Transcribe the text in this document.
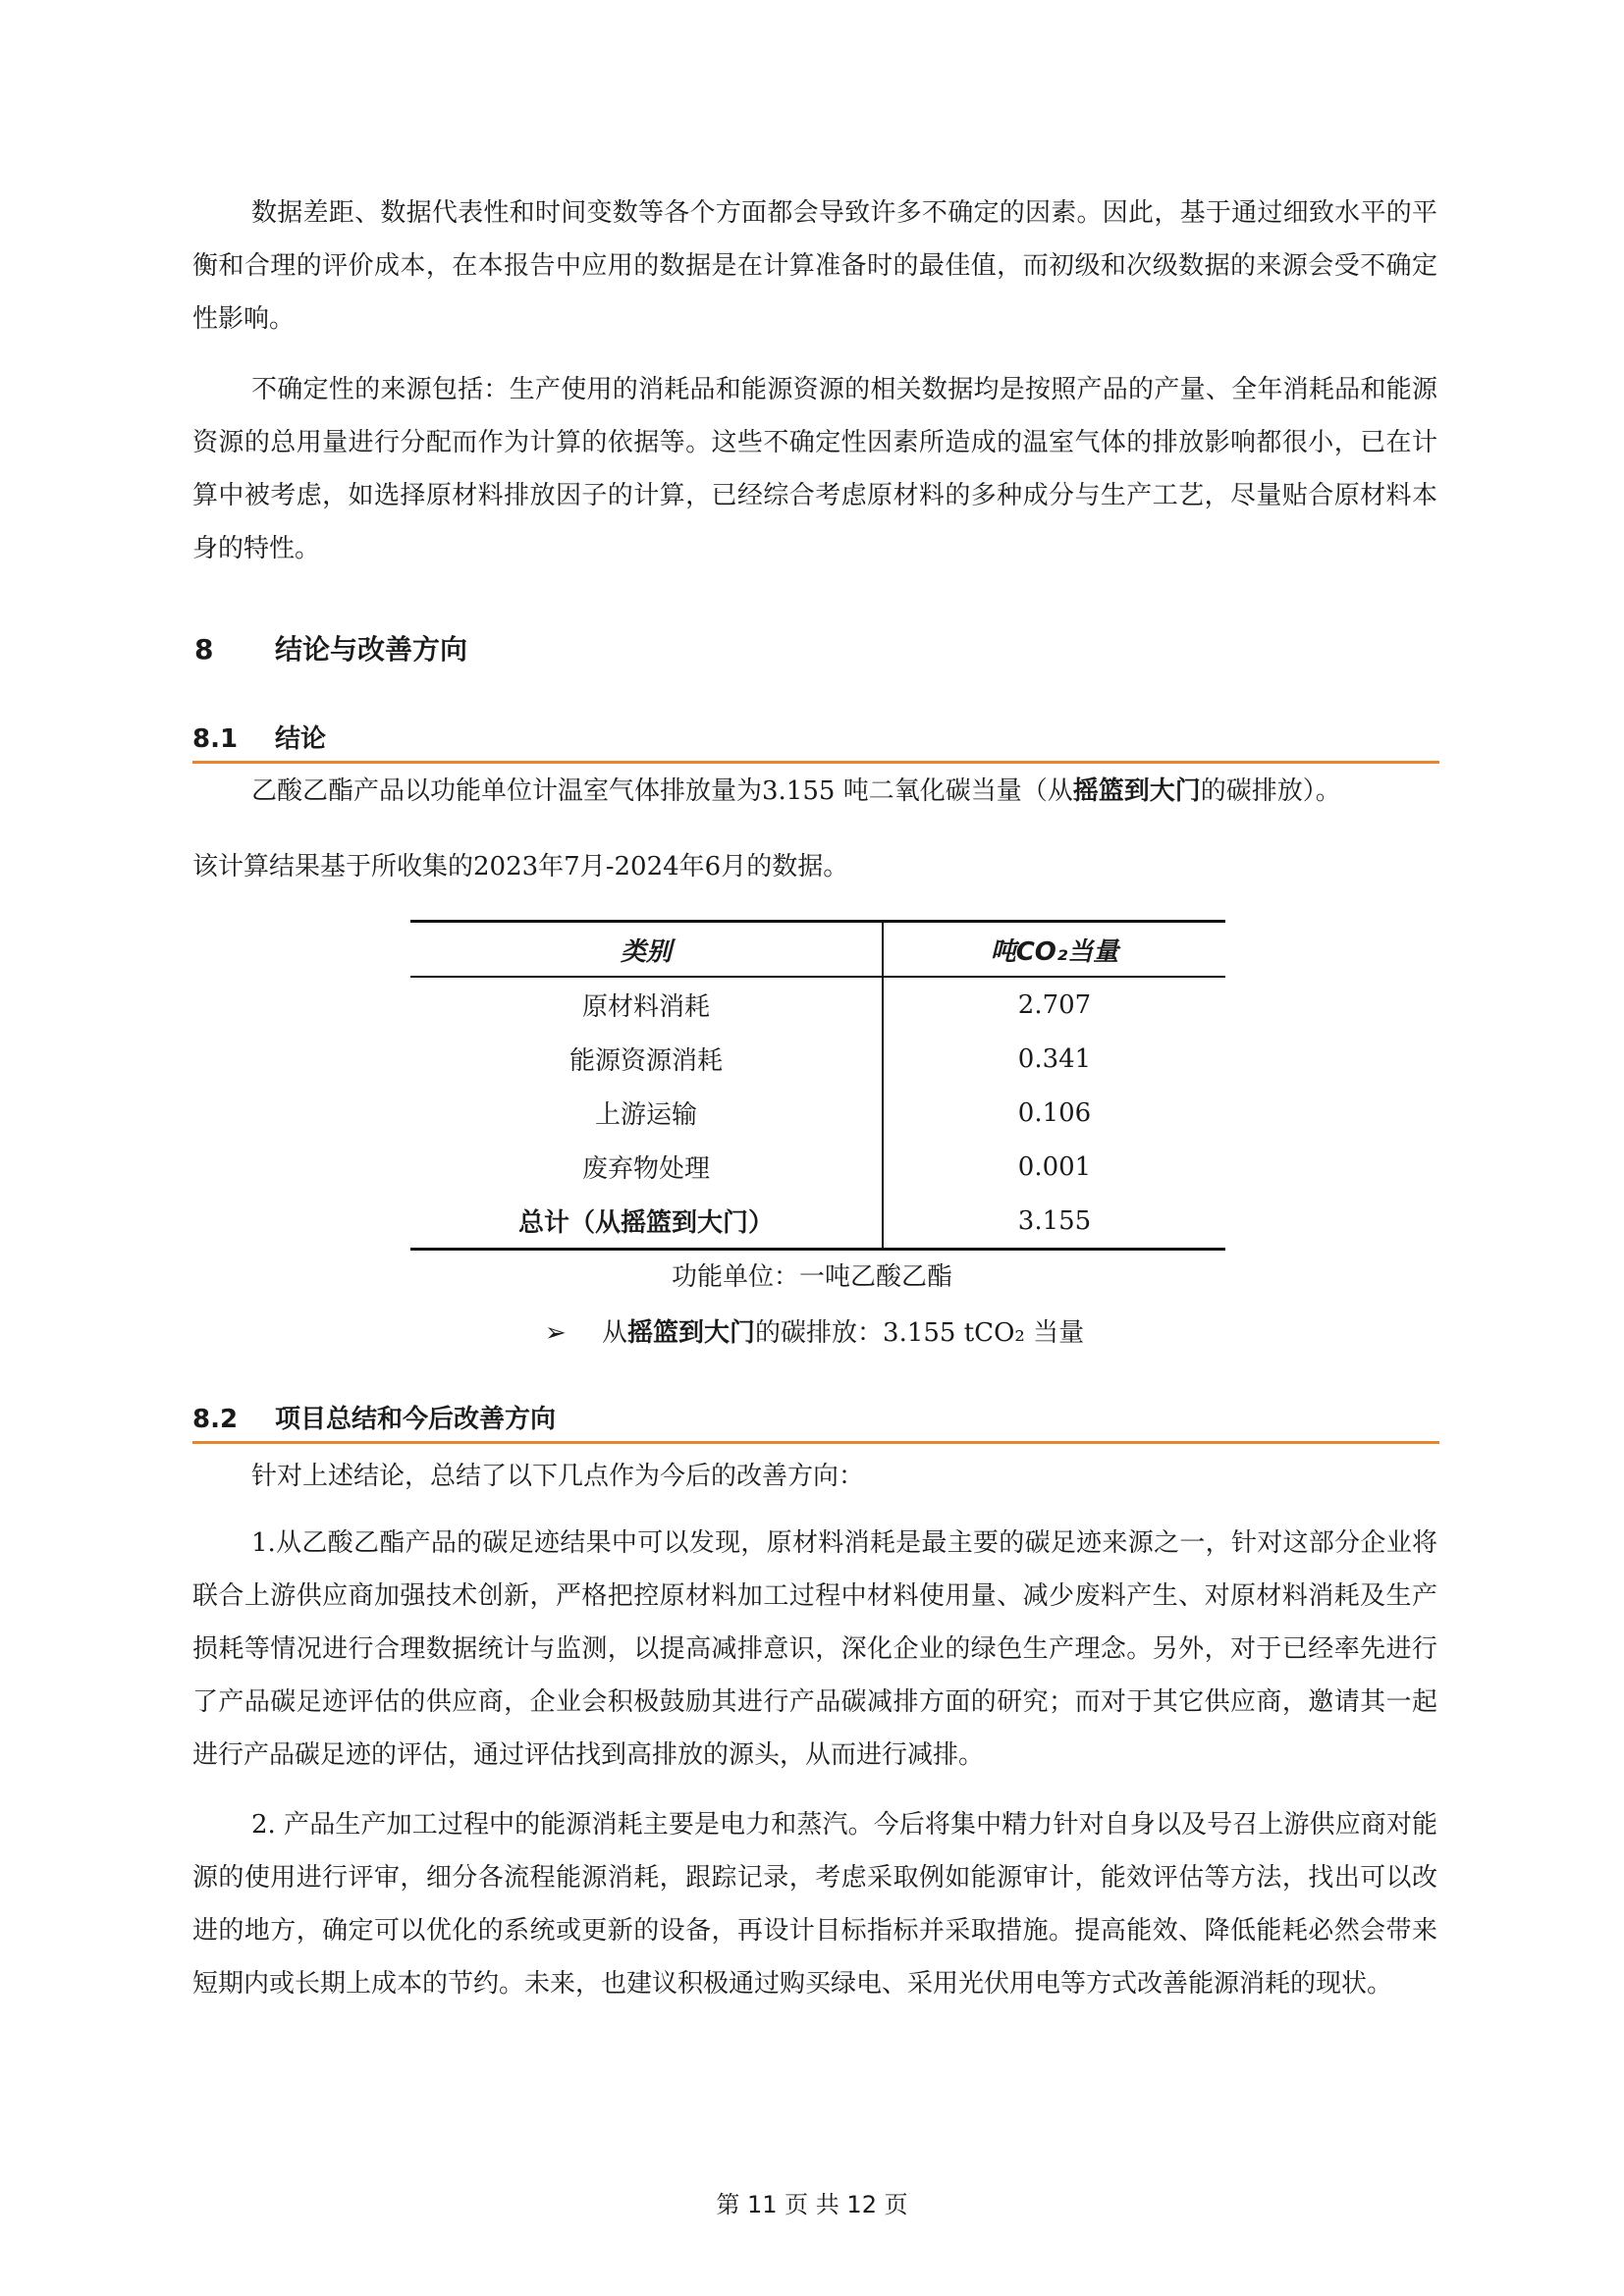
数据差距、数据代表性和时间变数等各个方面都会导致许多不确定的因素。因此，基于通过细致水平的平衡和合理的评价成本，在本报告中应用的数据是在计算准备时的最佳值，而初级和次级数据的来源会受不确定性影响。

不确定性的来源包括：生产使用的消耗品和能源资源的相关数据均是按照产品的产量、全年消耗品和能源资源的总用量进行分配而作为计算的依据等。这些不确定性因素所造成的温室气体的排放影响都很小，已在计算中被考虑，如选择原材料排放因子的计算，已经综合考虑原材料的多种成分与生产工艺，尽量贴合原材料本身的特性。

8 结论与改善方向
8.1 结论

乙酸乙酯产品以功能单位计温室气体排放量为3.155 吨二氧化碳当量（从摇篮到大门的碳排放）。

该计算结果基于所收集的2023年7月-2024年6月的数据。

类别	吨CO₂当量
原材料消耗	2.707
能源资源消耗	0.341
上游运输	0.106
废弃物处理	0.001
总计（从摇篮到大门）	3.155

功能单位：一吨乙酸乙酯

➢ 从摇篮到大门的碳排放：3.155 tCO₂ 当量

8.2 项目总结和今后改善方向

针对上述结论，总结了以下几点作为今后的改善方向：

1.从乙酸乙酯产品的碳足迹结果中可以发现，原材料消耗是最主要的碳足迹来源之一，针对这部分企业将联合上游供应商加强技术创新，严格把控原材料加工过程中材料使用量、减少废料产生、对原材料消耗及生产损耗等情况进行合理数据统计与监测，以提高减排意识，深化企业的绿色生产理念。另外，对于已经率先进行了产品碳足迹评估的供应商，企业会积极鼓励其进行产品碳减排方面的研究；而对于其它供应商，邀请其一起进行产品碳足迹的评估，通过评估找到高排放的源头，从而进行减排。

2. 产品生产加工过程中的能源消耗主要是电力和蒸汽。今后将集中精力针对自身以及号召上游供应商对能源的使用进行评审，细分各流程能源消耗，跟踪记录，考虑采取例如能源审计，能效评估等方法，找出可以改进的地方，确定可以优化的系统或更新的设备，再设计目标指标并采取措施。提高能效、降低能耗必然会带来短期内或长期上成本的节约。未来，也建议积极通过购买绿电、采用光伏用电等方式改善能源消耗的现状。

第 11 页 共 12 页
